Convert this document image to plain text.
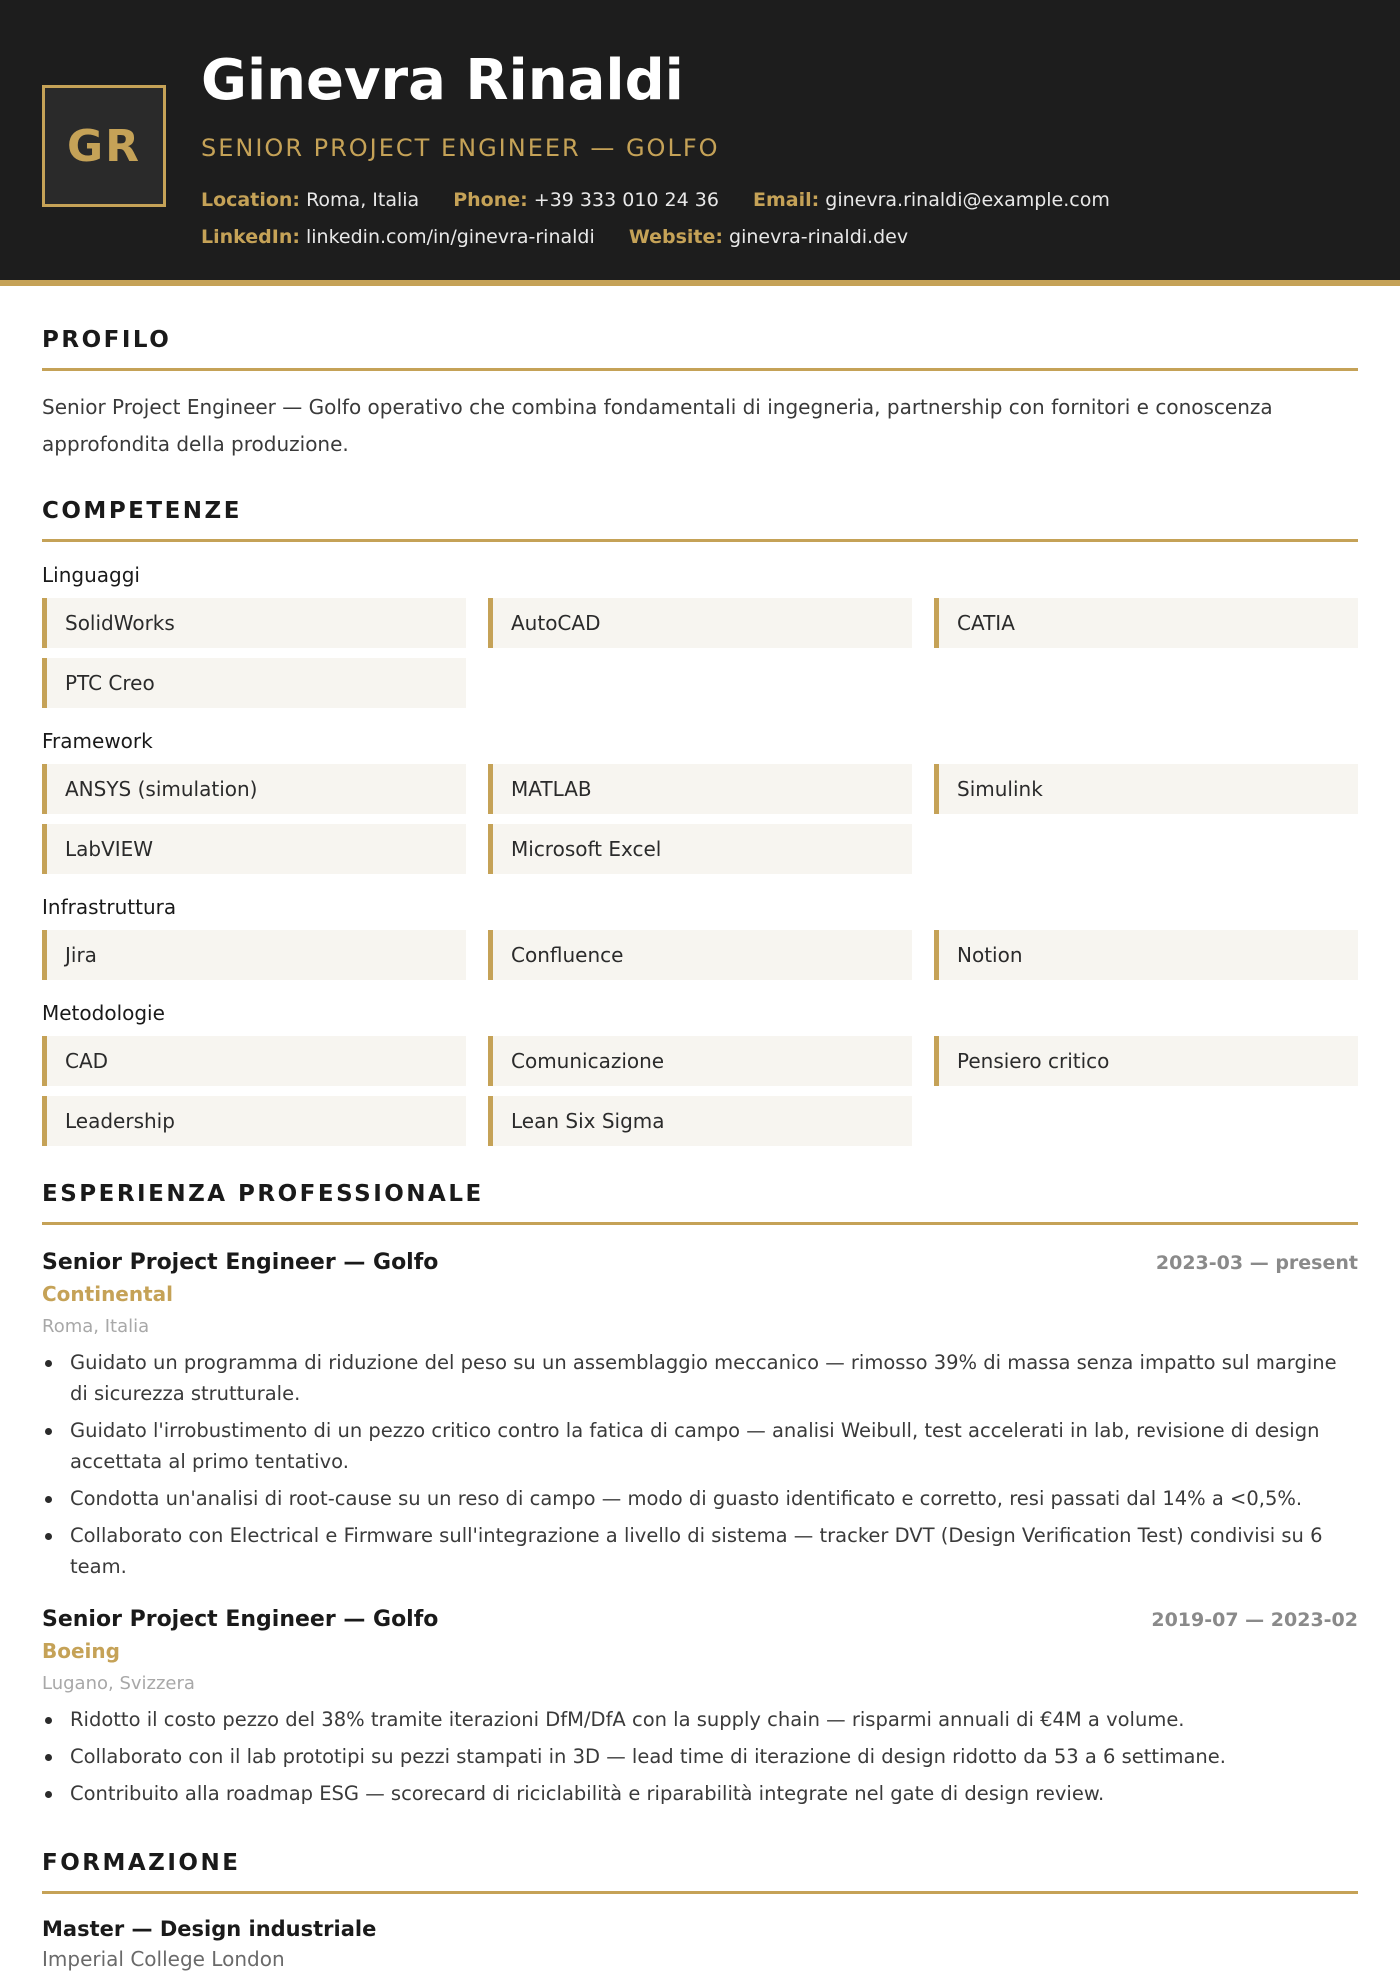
GR
Ginevra Rinaldi
SENIOR PROJECT ENGINEER — GOLFO
Location: Roma, Italia Phone: +39 333 010 24 36 Email: ginevra.rinaldi@example.com
LinkedIn: linkedin.com/in/ginevra-rinaldi Website: ginevra-rinaldi.dev
PROFILO

Senior Project Engineer — Golfo operativo che combina fondamentali di ingegneria, partnership con fornitori e conoscenza approfondita della produzione.

COMPETENZE
Linguaggi
SolidWorks	AutoCAD	CATIA
PTC Creo
Framework
ANSYS (simulation)	MATLAB	Simulink
LabVIEW	Microsoft Excel
Infrastruttura
Jira	Confluence	Notion
Metodologie
CAD	Comunicazione	Pensiero critico
Leadership	Lean Six Sigma
ESPERIENZA PROFESSIONALE
Senior Project Engineer — Golfo	2023-03 — present
Continental
Roma, Italia
Guidato un programma di riduzione del peso su un assemblaggio meccanico — rimosso 39% di massa senza impatto sul margine di sicurezza strutturale.
Guidato l'irrobustimento di un pezzo critico contro la fatica di campo — analisi Weibull, test accelerati in lab, revisione di design accettata al primo tentativo.
Condotta un'analisi di root-cause su un reso di campo — modo di guasto identificato e corretto, resi passati dal 14% a <0,5%.
Collaborato con Electrical e Firmware sull'integrazione a livello di sistema — tracker DVT (Design Verification Test) condivisi su 6 team.
Senior Project Engineer — Golfo	2019-07 — 2023-02
Boeing
Lugano, Svizzera
Ridotto il costo pezzo del 38% tramite iterazioni DfM/DfA con la supply chain — risparmi annuali di €4M a volume.
Collaborato con il lab prototipi su pezzi stampati in 3D — lead time di iterazione di design ridotto da 53 a 6 settimane.
Contribuito alla roadmap ESG — scorecard di riciclabilità e riparabilità integrate nel gate di design review.
FORMAZIONE
Master — Design industriale
Imperial College London
